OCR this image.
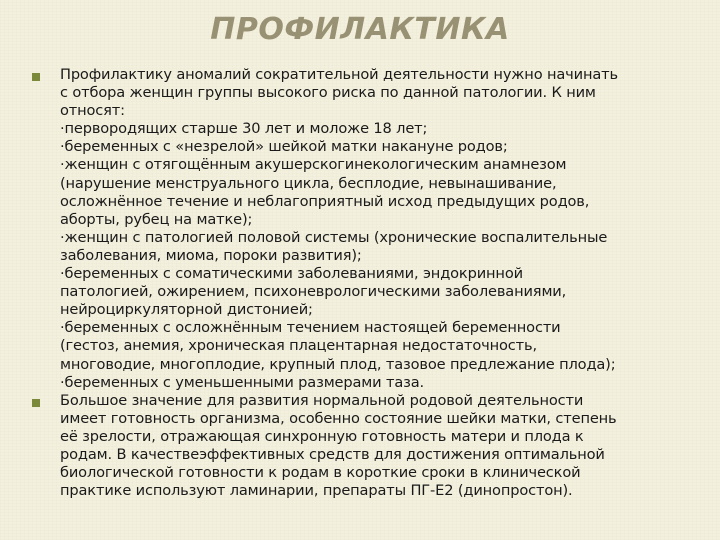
ПРОФИЛАКТИКА
Профилактику аномалий сократительной деятельности нужно начинать
с отбора женщин группы высокого риска по данной патологии. К ним
относят:
·первородящих старше 30 лет и моложе 18 лет;
·беременных с «незрелой» шейкой матки накануне родов;
·женщин с отягощённым акушерскогинекологическим анамнезом
(нарушение менструального цикла, бесплодие, невынашивание,
осложнённое течение и неблагоприятный исход предыдущих родов,
аборты, рубец на матке);
·женщин с патологией половой системы (хронические воспалительные
заболевания, миома, пороки развития);
·беременных с соматическими заболеваниями, эндокринной
патологией, ожирением, психоневрологическими заболеваниями,
нейроциркуляторной дистонией;
·беременных с осложнённым течением настоящей беременности
(гестоз, анемия, хроническая плацентарная недостаточность,
многоводие, многоплодие, крупный плод, тазовое предлежание плода);
·беременных с уменьшенными размерами таза.
Большое значение для развития нормальной родовой деятельности
имеет готовность организма, особенно состояние шейки матки, степень
её зрелости, отражающая синхронную готовность матери и плода к
родам. В качествеэффективных средств для достижения оптимальной
биологической готовности к родам в короткие сроки в клинической
практике используют ламинарии, препараты ПГ-Е2 (динопростон).
